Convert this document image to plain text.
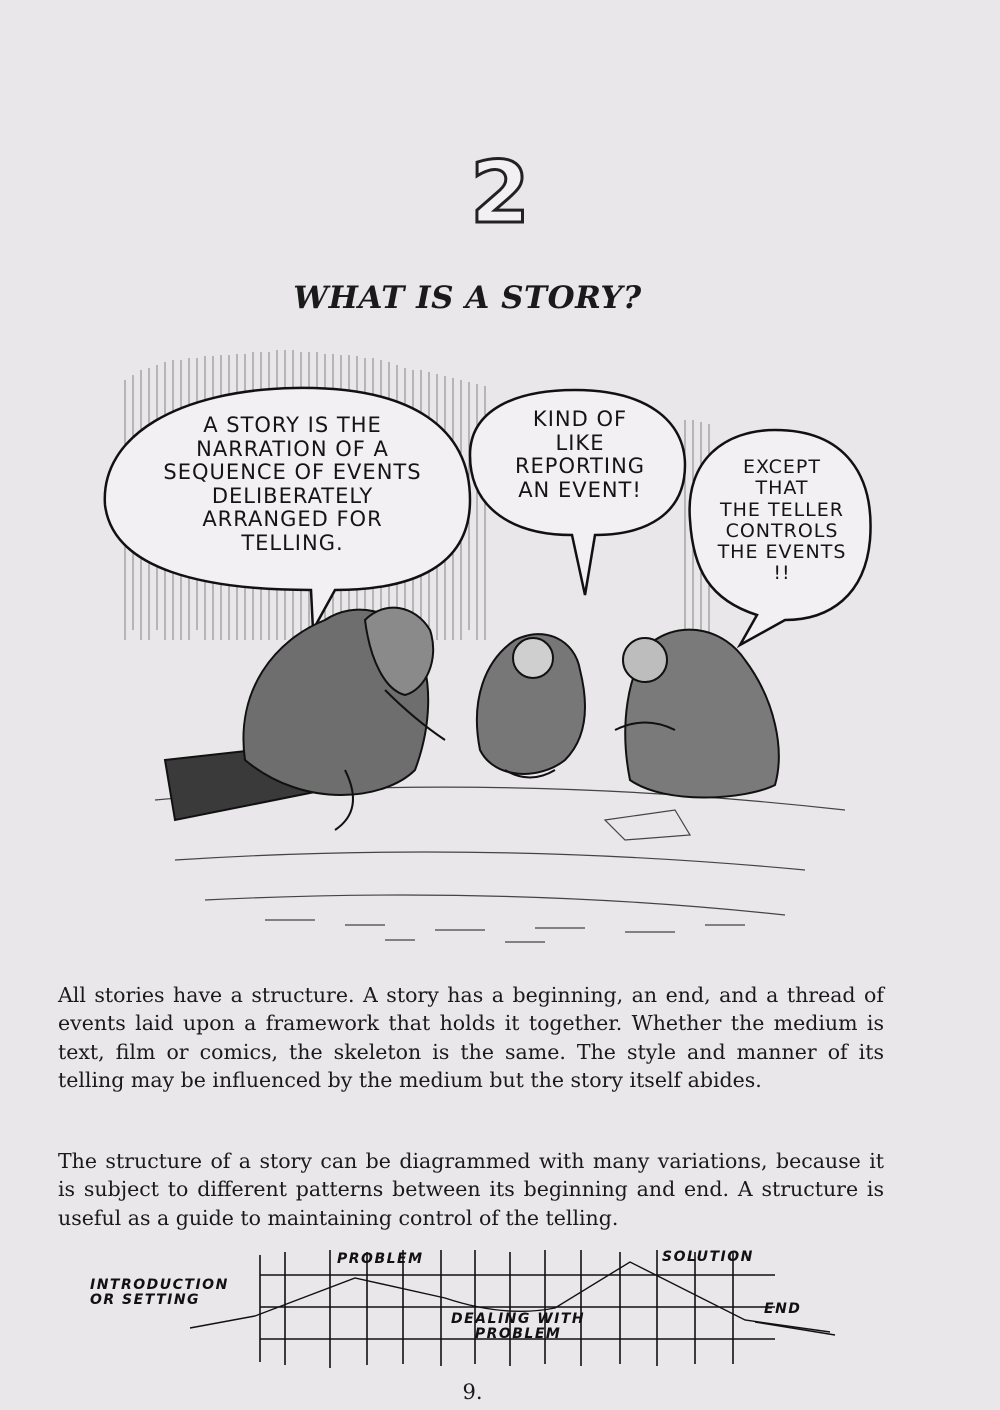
2
WHAT IS A STORY?
A STORY IS THE
NARRATION OF A
SEQUENCE OF EVENTS
DELIBERATELY
ARRANGED FOR
TELLING.
KIND OF
LIKE
REPORTING
AN EVENT!
EXCEPT
THAT
THE TELLER
CONTROLS
THE EVENTS
!!

All stories have a structure. A story has a beginning, an end, and a thread of events laid upon a framework that holds it together. Whether the medium is text, film or comics, the skeleton is the same. The style and manner of its telling may be influenced by the medium but the story itself abides.

The structure of a story can be diagrammed with many variations, because it is subject to different patterns between its beginning and end. A structure is useful as a guide to maintaining control of the telling.

INTRODUCTION
OR SETTING
PROBLEM
DEALING WITH
PROBLEM
SOLUTION
END
9.
